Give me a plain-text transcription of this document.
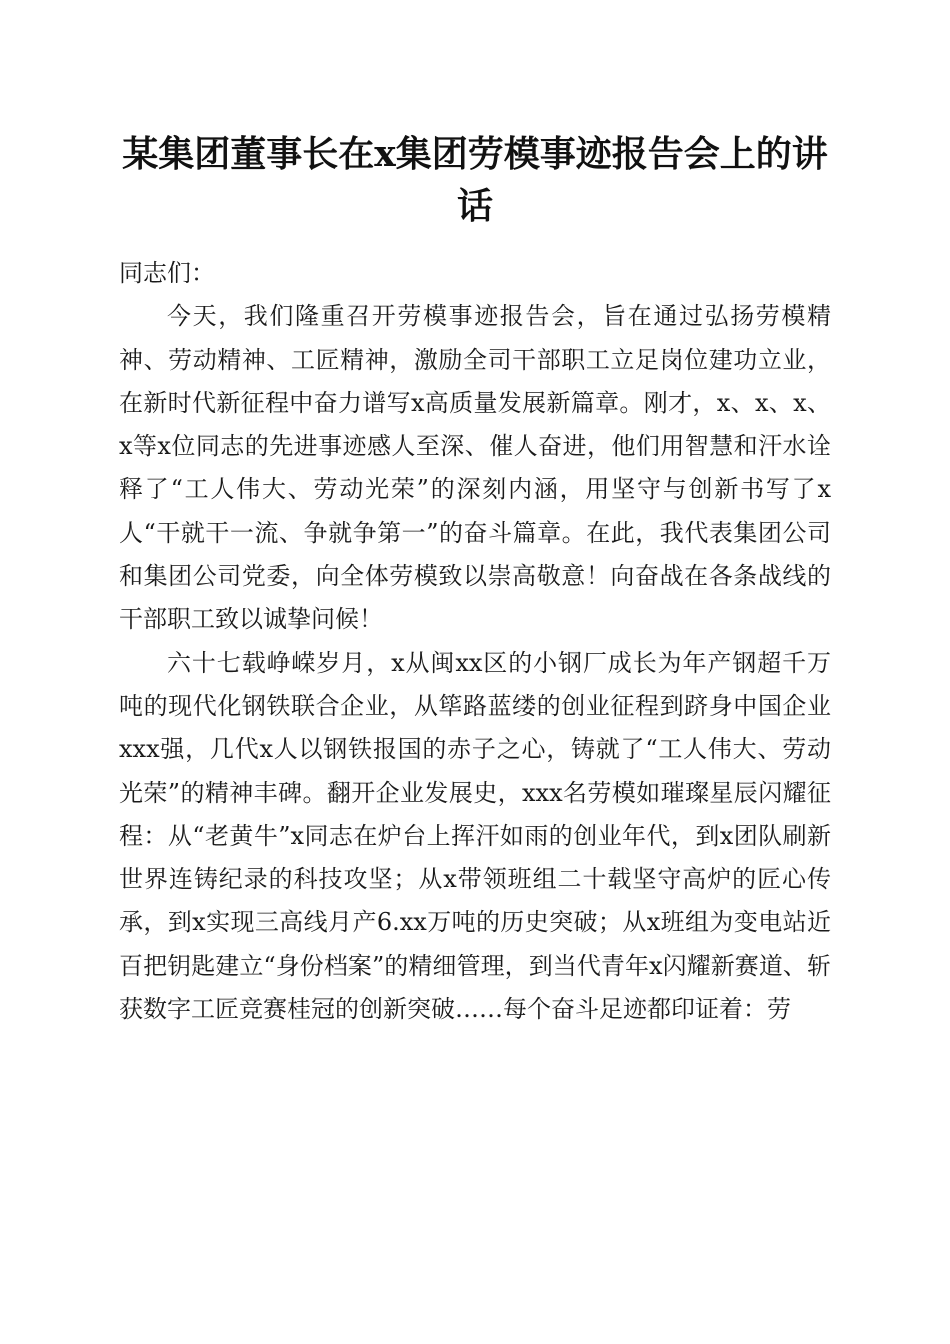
某集团董事长在x集团劳模事迹报告会上的讲话

同志们：

今天，我们隆重召开劳模事迹报告会，旨在通过弘扬劳模精神、劳动精神、工匠精神，激励全司干部职工立足岗位建功立业，在新时代新征程中奋力谱写x高质量发展新篇章。刚才，x、x、x、x等x位同志的先进事迹感人至深、催人奋进，他们用智慧和汗水诠释了“工人伟大、劳动光荣”的深刻内涵，用坚守与创新书写了x人“干就干一流、争就争第一”的奋斗篇章。在此，我代表集团公司和集团公司党委，向全体劳模致以崇高敬意！向奋战在各条战线的干部职工致以诚挚问候！

六十七载峥嵘岁月，x从闽xx区的小钢厂成长为年产钢超千万吨的现代化钢铁联合企业，从筚路蓝缕的创业征程到跻身中国企业xxx强，几代x人以钢铁报国的赤子之心，铸就了“工人伟大、劳动光荣”的精神丰碑。翻开企业发展史，xxx名劳模如璀璨星辰闪耀征程：从“老黄牛”x同志在炉台上挥汗如雨的创业年代，到x团队刷新世界连铸纪录的科技攻坚；从x带领班组二十载坚守高炉的匠心传承，到x实现三高线月产6.xx万吨的历史突破；从x班组为变电站近百把钥匙建立“身份档案”的精细管理，到当代青年x闪耀新赛道、斩获数字工匠竞赛桂冠的创新突破……每个奋斗足迹都印证着：劳
